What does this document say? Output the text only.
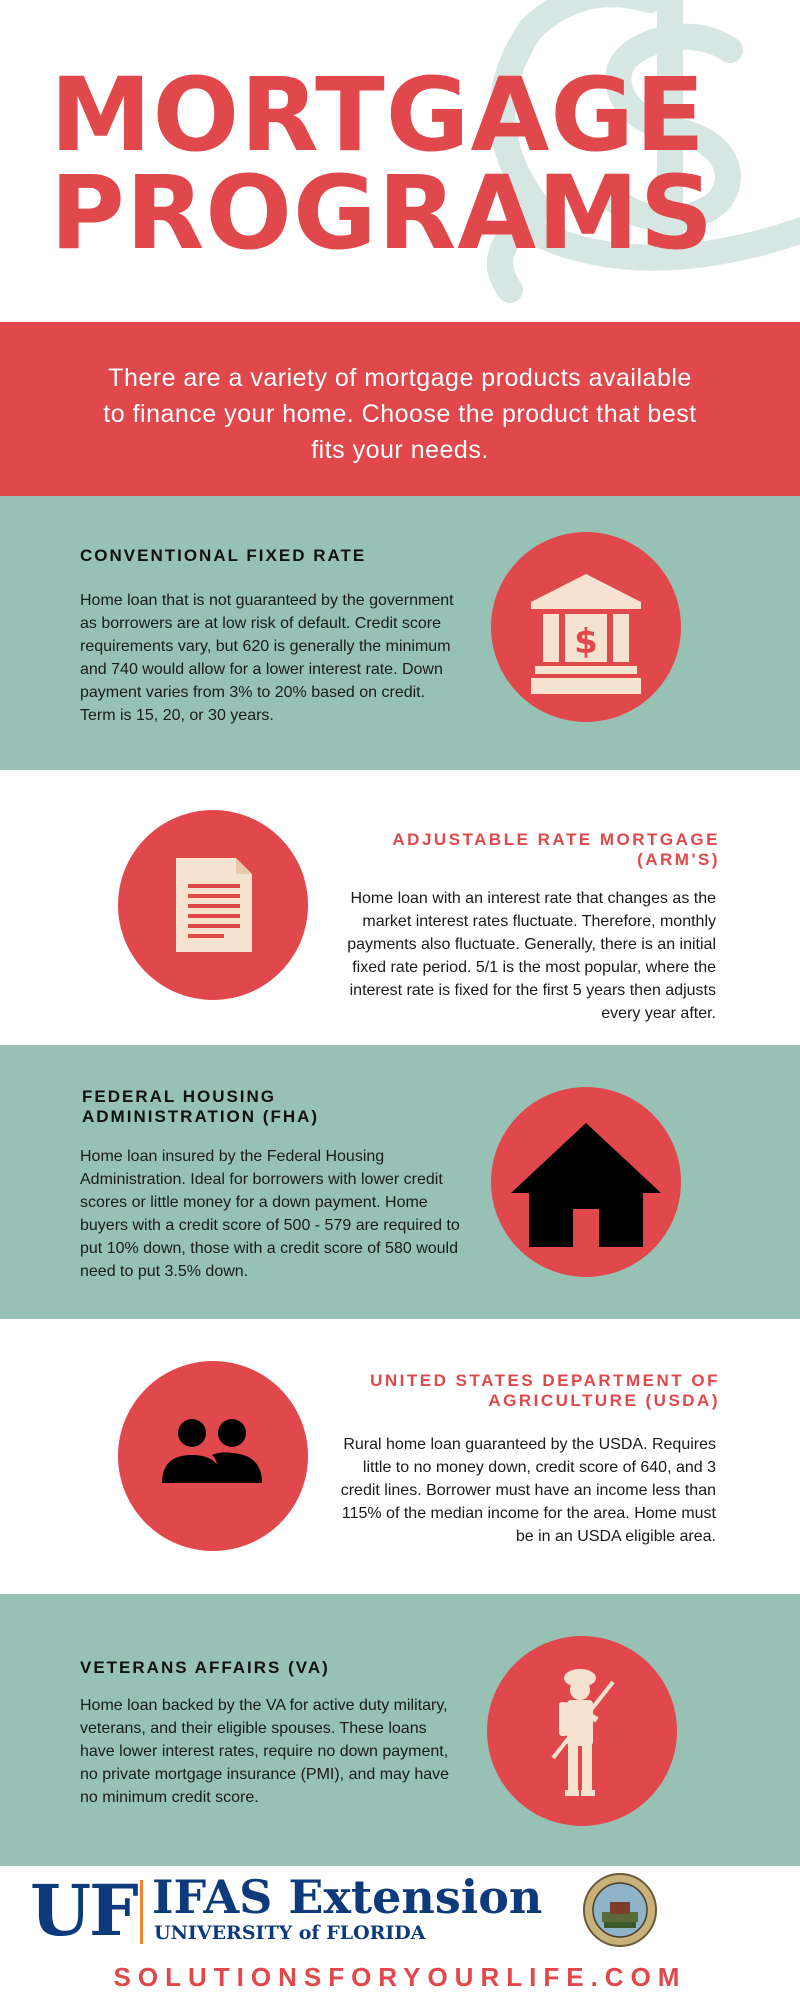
MORTGAGE
PROGRAMS

There are a variety of mortgage products available to finance your home. Choose the product that best fits your needs.

CONVENTIONAL FIXED RATE

Home loan that is not guaranteed by the government as borrowers are at low risk of default. Credit score requirements vary, but 620 is generally the minimum and 740 would allow for a lower interest rate. Down payment varies from 3% to 20% based on credit. Term is 15, 20, or 30 years.

$
ADJUSTABLE RATE MORTGAGE (ARM'S)

Home loan with an interest rate that changes as the market interest rates fluctuate. Therefore, monthly payments also fluctuate. Generally, there is an initial fixed rate period. 5/1 is the most popular, where the interest rate is fixed for the first 5 years then adjusts every year after.

FEDERAL HOUSING ADMINISTRATION (FHA)

Home loan insured by the Federal Housing Administration. Ideal for borrowers with lower credit scores or little money for a down payment. Home buyers with a credit score of 500 - 579 are required to put 10% down, those with a credit score of 580 would need to put 3.5% down.

UNITED STATES DEPARTMENT OF AGRICULTURE (USDA)

Rural home loan guaranteed by the USDA. Requires little to no money down, credit score of 640, and 3 credit lines. Borrower must have an income less than 115% of the median income for the area. Home must be in an USDA eligible area.

VETERANS AFFAIRS (VA)

Home loan backed by the VA for active duty military, veterans, and their eligible spouses. These loans have lower interest rates, require no down payment, no private mortgage insurance (PMI), and may have no minimum credit score.

UF IFAS Extension
UNIVERSITY of FLORIDA

SOLUTIONSFORYOURLIFE.COM
